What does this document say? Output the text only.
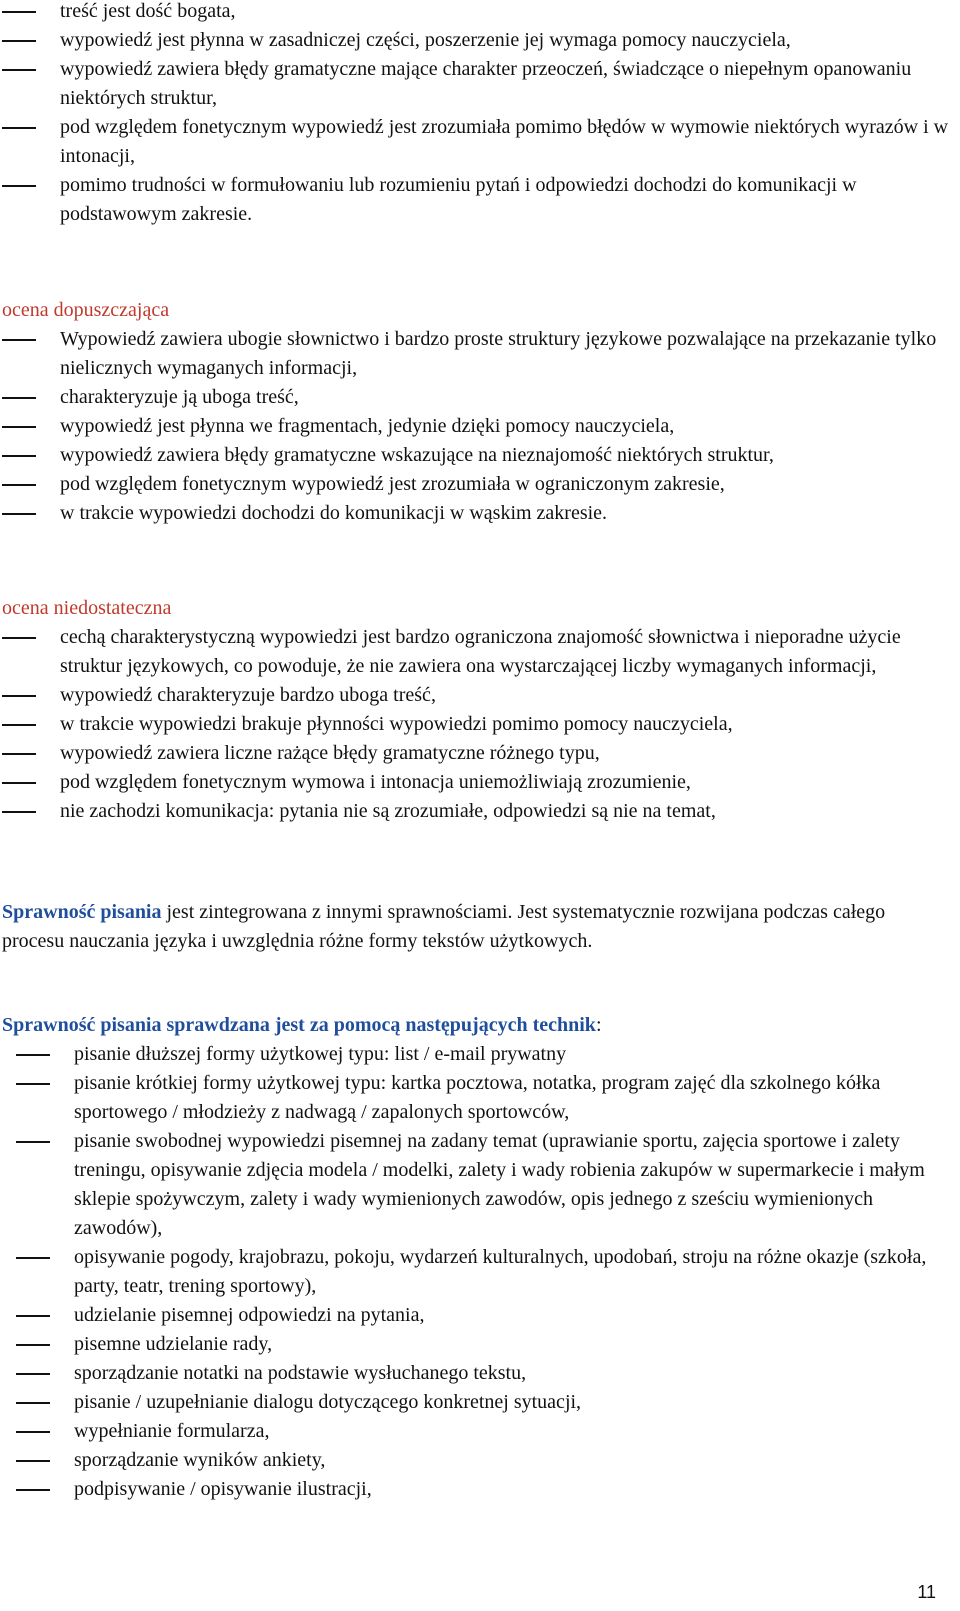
treść jest dość bogata,
wypowiedź jest płynna w zasadniczej części, poszerzenie jej wymaga pomocy nauczyciela,
wypowiedź zawiera błędy gramatyczne mające charakter przeoczeń, świadczące o niepełnym opanowaniu niektórych struktur,
pod względem fonetycznym wypowiedź jest zrozumiała pomimo błędów w wymowie niektórych wyrazów i w intonacji,
pomimo trudności w formułowaniu lub rozumieniu pytań i odpowiedzi dochodzi do komunikacji w podstawowym zakresie.

ocena dopuszczająca

Wypowiedź zawiera ubogie słownictwo i bardzo proste struktury językowe pozwalające na przekazanie tylko nielicznych wymaganych informacji,
charakteryzuje ją uboga treść,
wypowiedź jest płynna we fragmentach, jedynie dzięki pomocy nauczyciela,
wypowiedź zawiera błędy gramatyczne wskazujące na nieznajomość niektórych struktur,
pod względem fonetycznym wypowiedź jest zrozumiała w ograniczonym zakresie,
w trakcie wypowiedzi dochodzi do komunikacji w wąskim zakresie.

ocena niedostateczna

cechą charakterystyczną wypowiedzi jest bardzo ograniczona znajomość słownictwa i nieporadne użycie struktur językowych, co powoduje, że nie zawiera ona wystarczającej liczby wymaganych informacji,
wypowiedź charakteryzuje bardzo uboga treść,
w trakcie wypowiedzi brakuje płynności wypowiedzi pomimo pomocy nauczyciela,
wypowiedź zawiera liczne rażące błędy gramatyczne różnego typu,
pod względem fonetycznym wymowa i intonacja uniemożliwiają zrozumienie,
nie zachodzi komunikacja: pytania nie są zrozumiałe, odpowiedzi są nie na temat,

Sprawność pisania jest zintegrowana z innymi sprawnościami. Jest systematycznie rozwijana podczas całego procesu nauczania języka i uwzględnia różne formy tekstów użytkowych.

Sprawność pisania sprawdzana jest za pomocą następujących technik:

pisanie dłuższej formy użytkowej typu: list / e-mail prywatny
pisanie krótkiej formy użytkowej typu: kartka pocztowa, notatka, program zajęć dla szkolnego kółka sportowego / młodzieży z nadwagą / zapalonych sportowców,
pisanie swobodnej wypowiedzi pisemnej na zadany temat (uprawianie sportu, zajęcia sportowe i zalety treningu, opisywanie zdjęcia modela / modelki, zalety i wady robienia zakupów w supermarkecie i małym sklepie spożywczym, zalety i wady wymienionych zawodów, opis jednego z sześciu wymienionych zawodów),
opisywanie pogody, krajobrazu, pokoju, wydarzeń kulturalnych, upodobań, stroju na różne okazje (szkoła, party, teatr, trening sportowy),
udzielanie pisemnej odpowiedzi na pytania,
pisemne udzielanie rady,
sporządzanie notatki na podstawie wysłuchanego tekstu,
pisanie / uzupełnianie dialogu dotyczącego konkretnej sytuacji,
wypełnianie formularza,
sporządzanie wyników ankiety,
podpisywanie / opisywanie ilustracji,
11
